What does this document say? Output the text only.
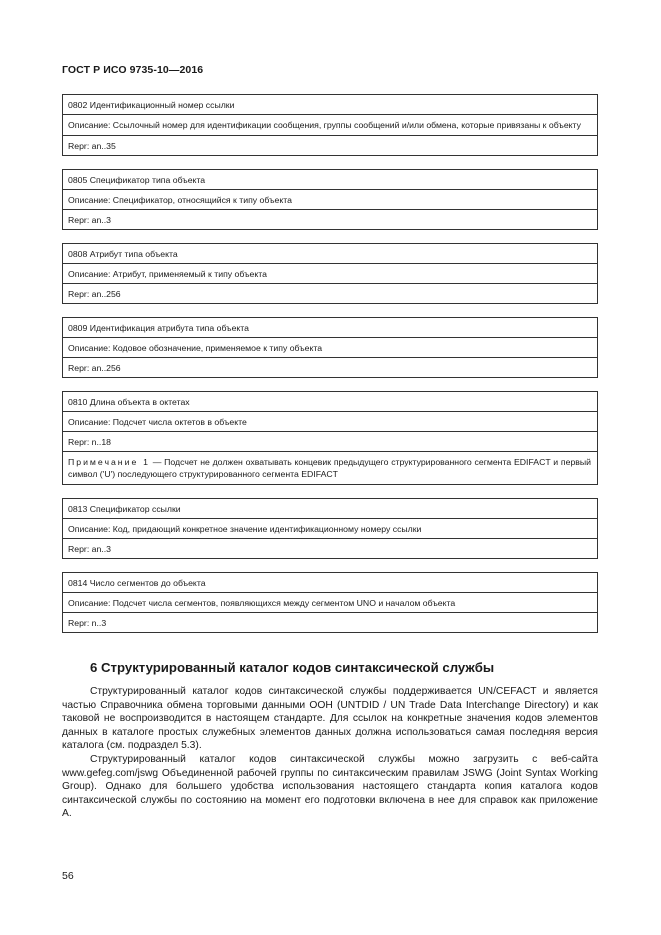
ГОСТ Р ИСО 9735-10—2016
0802 Идентификационный номер ссылки
Описание: Ссылочный номер для идентификации сообщения, группы сообщений и/или обмена, которые привязаны к объекту
Repr: an..35
0805 Спецификатор типа объекта
Описание: Спецификатор, относящийся к типу объекта
Repr: an..3
0808 Атрибут типа объекта
Описание: Атрибут, применяемый к типу объекта
Repr: an..256
0809 Идентификация атрибута типа объекта
Описание: Кодовое обозначение, применяемое к типу объекта
Repr: an..256
0810 Длина объекта в октетах
Описание: Подсчет числа октетов в объекте
Repr: n..18
Примечание 1 — Подсчет не должен охватывать концевик предыдущего структурированного сегмента EDIFACT и первый символ ('U') последующего структурированного сегмента EDIFACT
0813 Спецификатор ссылки
Описание: Код, придающий конкретное значение идентификационному номеру ссылки
Repr: an..3
0814 Число сегментов до объекта
Описание: Подсчет числа сегментов, появляющихся между сегментом UNO и началом объекта
Repr: n..3
6 Структурированный каталог кодов синтаксической службы

Структурированный каталог кодов синтаксической службы поддерживается UN/CEFACT и является частью Справочника обмена торговыми данными ООН (UNTDID / UN Trade Data Interchange Directory) и как таковой не воспроизводится в настоящем стандарте. Для ссылок на конкретные значения кодов элементов данных в каталоге простых служебных элементов данных должна использоваться самая последняя версия каталога (см. подраздел 5.3).

Структурированный каталог кодов синтаксической службы можно загрузить с веб-сайта www.gefeg.com/jswg Объединенной рабочей группы по синтаксическим правилам JSWG (Joint Syntax Working Group). Однако для большего удобства использования настоящего стандарта копия каталога кодов синтаксической службы по состоянию на момент его подготовки включена в нее для справок как приложение А.

56
